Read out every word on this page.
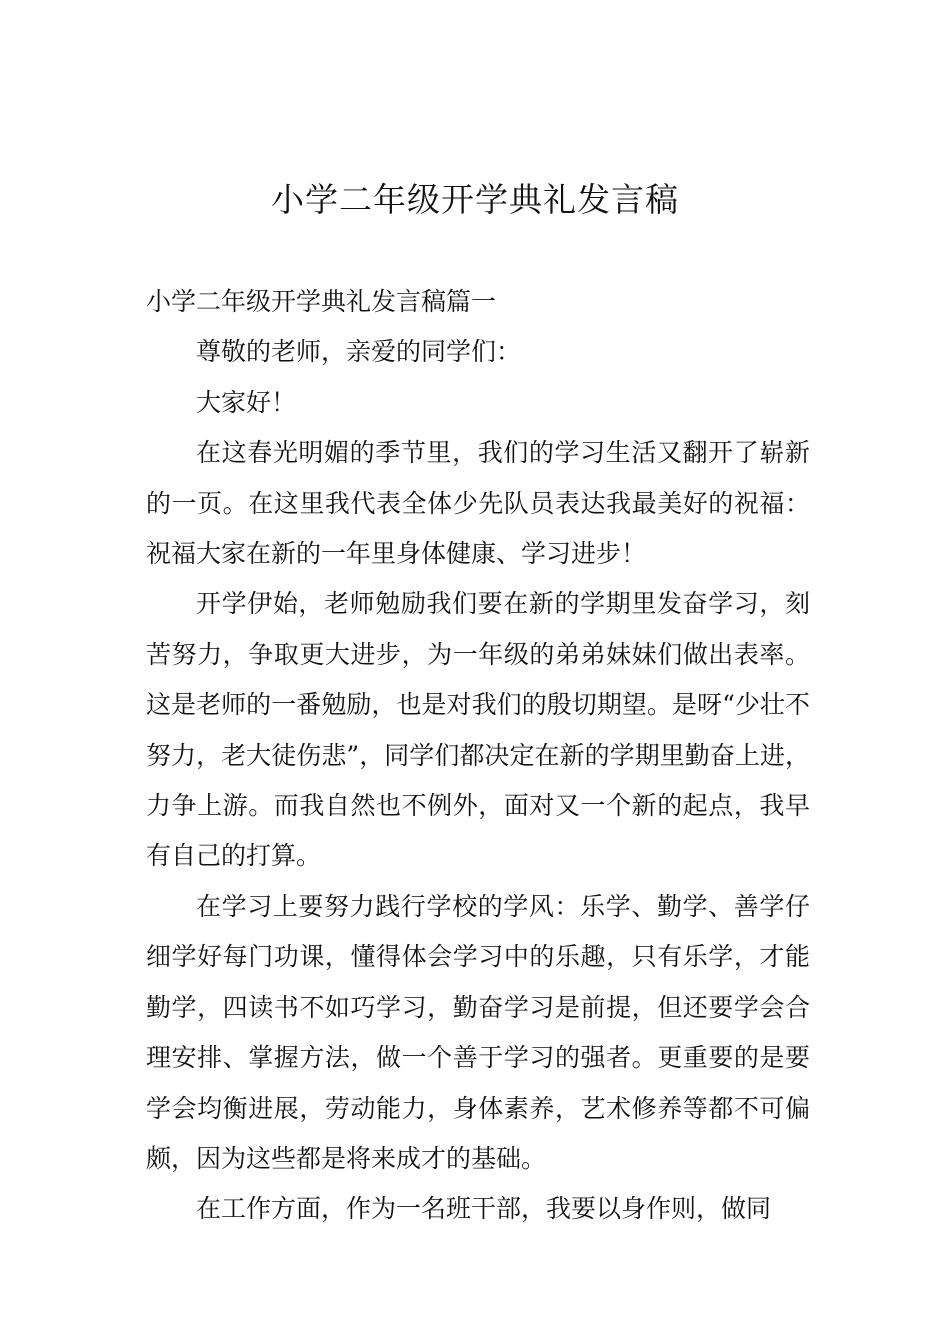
小学二年级开学典礼发言稿

小学二年级开学典礼发言稿篇一

尊敬的老师，亲爱的同学们：

大家好！

在这春光明媚的季节里，我们的学习生活又翻开了崭新的一页。在这里我代表全体少先队员表达我最美好的祝福：祝福大家在新的一年里身体健康、学习进步！

开学伊始，老师勉励我们要在新的学期里发奋学习，刻苦努力，争取更大进步，为一年级的弟弟妹妹们做出表率。这是老师的一番勉励，也是对我们的殷切期望。是呀“少壮不努力，老大徒伤悲”，同学们都决定在新的学期里勤奋上进，力争上游。而我自然也不例外，面对又一个新的起点，我早有自己的打算。

在学习上要努力践行学校的学风：乐学、勤学、善学仔细学好每门功课，懂得体会学习中的乐趣，只有乐学，才能勤学，四读书不如巧学习，勤奋学习是前提，但还要学会合理安排、掌握方法，做一个善于学习的强者。更重要的是要学会均衡进展，劳动能力，身体素养，艺术修养等都不可偏颇，因为这些都是将来成才的基础。

在工作方面，作为一名班干部，我要以身作则，做同
